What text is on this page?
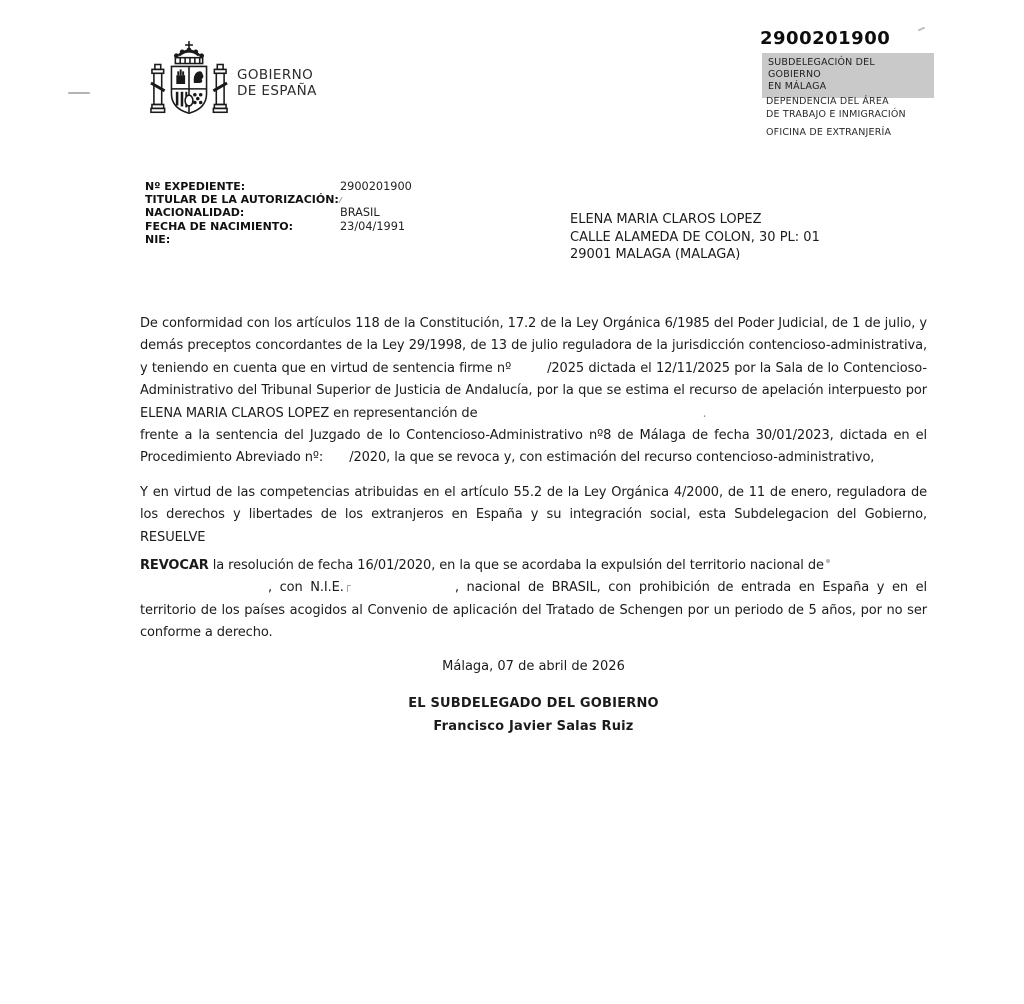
GOBIERNO
DE ESPAÑA
2900201900
SUBDELEGACIÓN DEL GOBIERNO
EN MÁLAGA
DEPENDENCIA DEL ÁREA
DE TRABAJO E INMIGRACIÓN
OFICINA DE EXTRANJERÍA
Nº EXPEDIENTE:	2900201900
TITULAR DE LA AUTORIZACIÓN:
NACIONALIDAD:	BRASIL
FECHA DE NACIMIENTO:	23/04/1991
NIE:
ELENA MARIA CLAROS LOPEZ
CALLE ALAMEDA DE COLON, 30 PL: 01
29001 MALAGA (MALAGA)

De conformidad con los artículos 118 de la Constitución, 17.2 de la Ley Orgánica 6/1985 del Poder Judicial, de 1 de julio, y demás preceptos concordantes de la Ley 29/1998, de 13 de julio reguladora de la jurisdicción contencioso-administrativa, y teniendo en cuenta que en virtud de sentencia firme nº	/2025 dictada el 12/11/2025 por la Sala de lo Contencioso-Administrativo del Tribunal Superior de Justicia de Andalucía, por la que se estima el recurso de apelación interpuesto por ELENA MARIA CLAROS LOPEZ en representanción de	.

frente a la sentencia del Juzgado de lo Contencioso-Administrativo nº8 de Málaga de fecha 30/01/2023, dictada en el Procedimiento Abreviado nº: /2020, la que se revoca y, con estimación del recurso contencioso-administrativo,

Y en virtud de las competencias atribuidas en el artículo 55.2 de la Ley Orgánica 4/2000, de 11 de enero, reguladora de los derechos y libertades de los extranjeros en España y su integración social, esta Subdelegacion del Gobierno, RESUELVE

REVOCAR la resolución de fecha 16/01/2020, en la que se acordaba la expulsión del territorio nacional de

, con N.I.E.	, nacional de BRASIL, con prohibición de entrada en España y en el territorio de los países acogidos al Convenio de aplicación del Tratado de Schengen por un periodo de 5 años, por no ser conforme a derecho.

Málaga, 07 de abril de 2026

EL SUBDELEGADO DEL GOBIERNO

Francisco Javier Salas Ruiz
